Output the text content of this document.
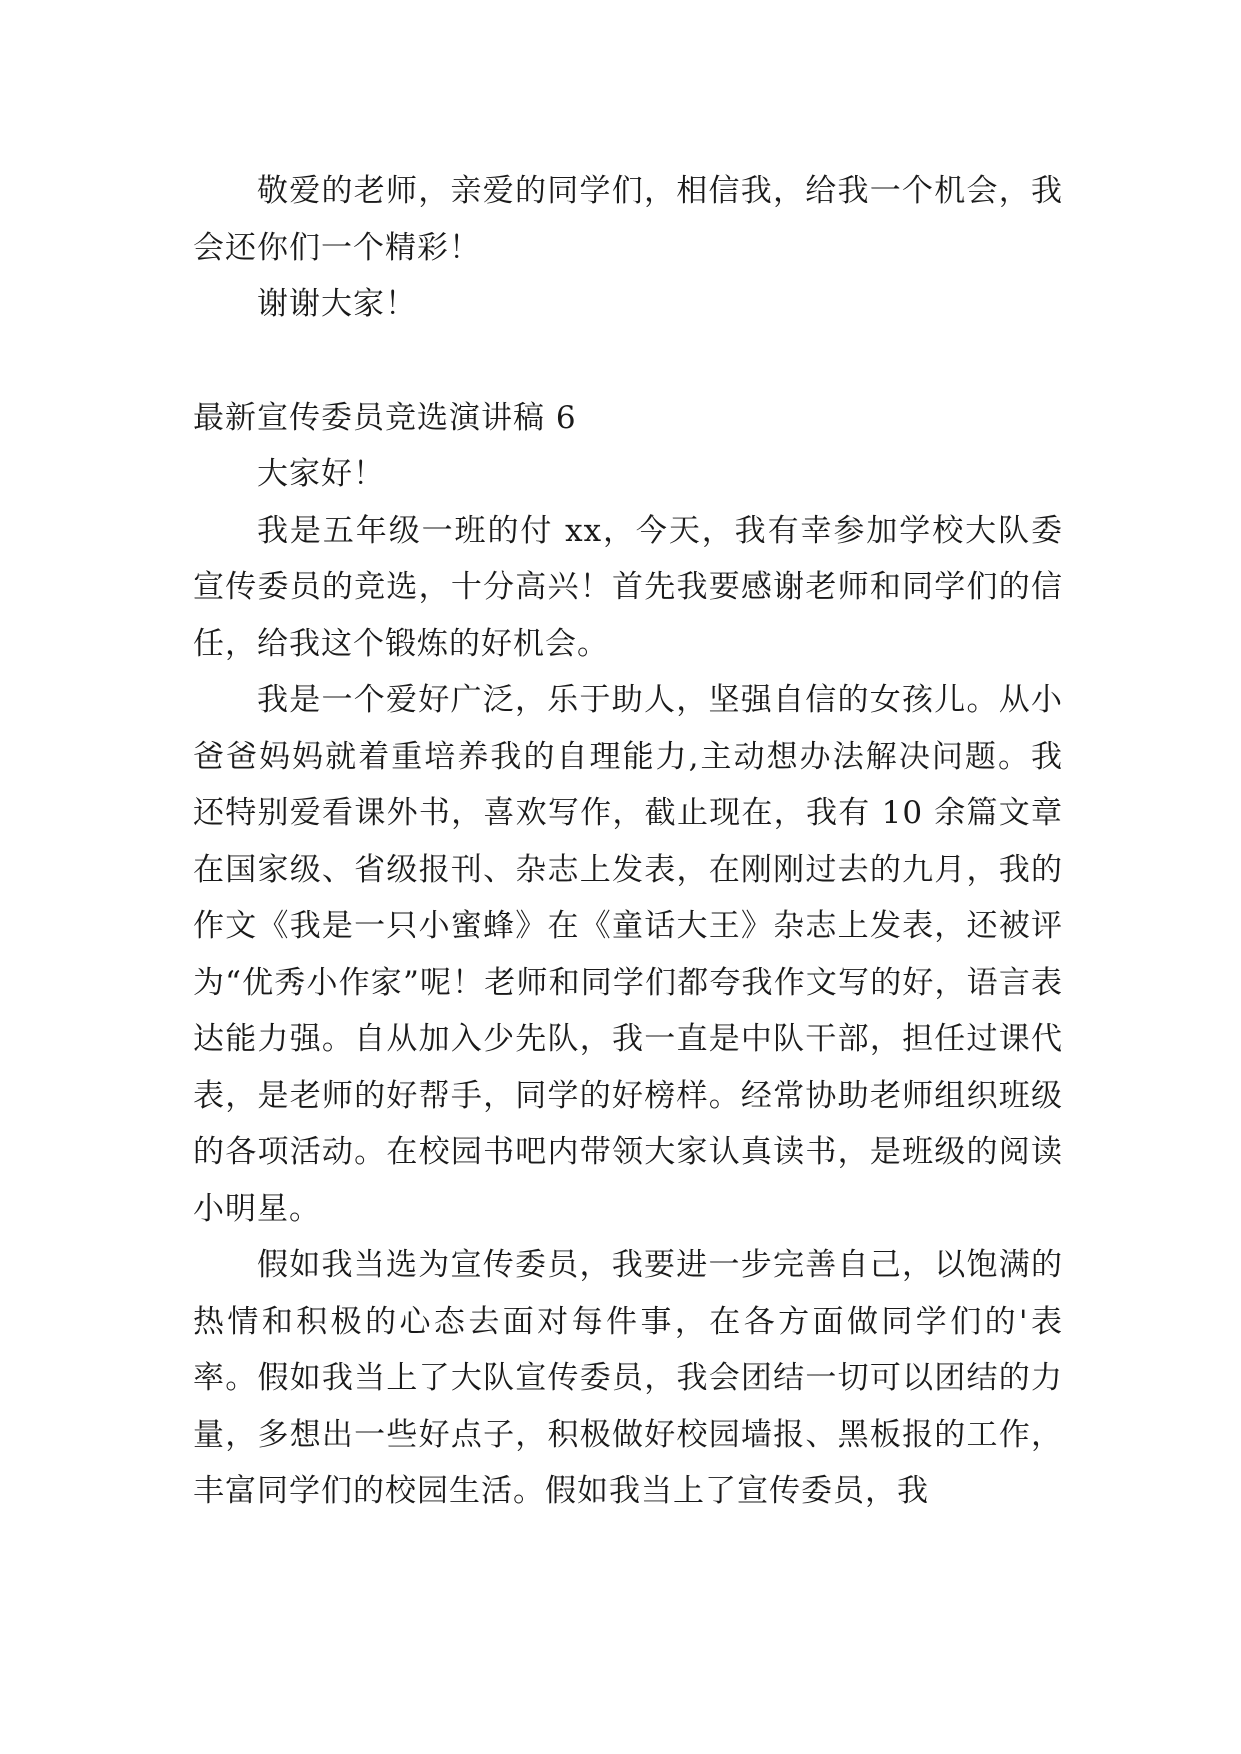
敬爱的老师，亲爱的同学们，相信我，给我一个机会，我会还你们一个精彩！

谢谢大家！

最新宣传委员竞选演讲稿 6

大家好！

我是五年级一班的付 xx，今天，我有幸参加学校大队委宣传委员的竞选，十分高兴！首先我要感谢老师和同学们的信任，给我这个锻炼的好机会。

我是一个爱好广泛，乐于助人，坚强自信的女孩儿。从小爸爸妈妈就着重培养我的自理能力,主动想办法解决问题。我还特别爱看课外书，喜欢写作，截止现在，我有 10 余篇文章在国家级、省级报刊、杂志上发表，在刚刚过去的九月，我的作文《我是一只小蜜蜂》在《童话大王》杂志上发表，还被评为“优秀小作家”呢！老师和同学们都夸我作文写的好，语言表达能力强。自从加入少先队，我一直是中队干部，担任过课代表，是老师的好帮手，同学的好榜样。经常协助老师组织班级的各项活动。在校园书吧内带领大家认真读书，是班级的阅读小明星。

假如我当选为宣传委员，我要进一步完善自己，以饱满的热情和积极的心态去面对每件事，在各方面做同学们的'表率。假如我当上了大队宣传委员，我会团结一切可以团结的力量，多想出一些好点子，积极做好校园墙报、黑板报的工作，丰富同学们的校园生活。假如我当上了宣传委员，我
